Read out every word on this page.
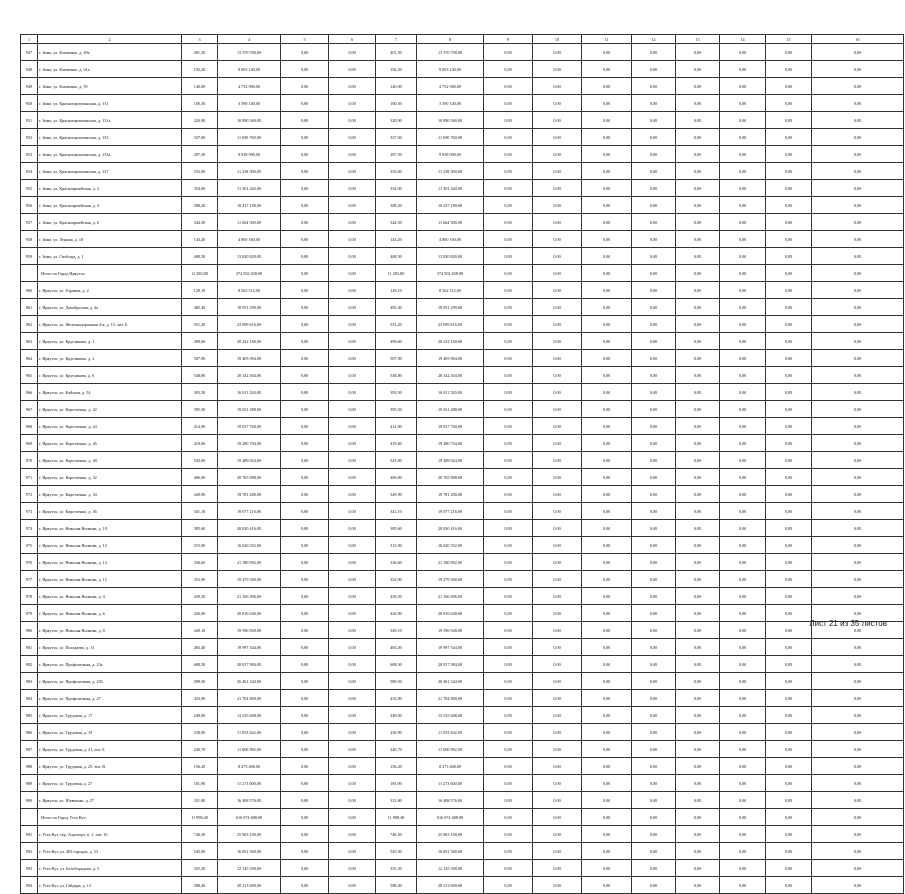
1	2	3	4	5	6	7	8	9	10	11	12	13	14	15	16
947	г. Зима, ул. Клименко, д. 49а	401,50	13 370 700,00	0,00	0,00	401,50	13 370 700,00	0,00	0,00	0,00	0,00	0,00	0,00	0,00	0,00
948	г. Зима, ул. Клименко, д. 61а	192,20	9 603 140,00	0,00	0,00	192,20	9 603 140,00	0,00	0,00	0,00	0,00	0,00	0,00	0,00	0,00
949	г. Зима, ул. Клименко, д. 95	140,00	4 752 900,00	0,00	0,00	140,00	4 752 900,00	0,00	0,00	0,00	0,00	0,00	0,00	0,00	0,00
950	г. Зима, ул. Краснопартизанская, д. 131	100,30	3 590 140,00	0,00	0,00	100,30	3 590 140,00	0,00	0,00	0,00	0,00	0,00	0,00	0,00	0,00
951	г. Зима, ул. Краснопартизанская, д. 131а	320,90	10 890 360,00	0,00	0,00	320,90	10 890 360,00	0,00	0,00	0,00	0,00	0,00	0,00	0,00	0,00
952	г. Зима, ул. Краснопартизанская, д. 133	337,00	11 690 760,00	0,00	0,00	337,00	11 690 760,00	0,00	0,00	0,00	0,00	0,00	0,00	0,00	0,00
953	г. Зима, ул. Краснопартизанская, д. 133а	287,50	9 938 900,00	0,00	0,00	287,50	9 938 900,00	0,00	0,00	0,00	0,00	0,00	0,00	0,00	0,00
954	г. Зима, ул. Краснопартизанская, д. 137	333,00	11 238 300,00	0,00	0,00	333,00	11 238 300,00	0,00	0,00	0,00	0,00	0,00	0,00	0,00	0,00
955	г. Зима, ул. Красноармейская, д. 2	354,00	11 301 240,00	0,00	0,00	354,00	11 301 240,00	0,00	0,00	0,00	0,00	0,00	0,00	0,00	0,00
956	г. Зима, ул. Красноармейская, д. 4	308,20	10 437 180,00	0,00	0,00	308,20	10 437 180,00	0,00	0,00	0,00	0,00	0,00	0,00	0,00	0,00
957	г. Зима, ул. Красноармейская, д. 6	344,50	11 664 500,00	0,00	0,00	344,50	11 664 500,00	0,00	0,00	0,00	0,00	0,00	0,00	0,00	0,00
958	г. Зима, ул. Ленина, д. 18	143,20	4 860 160,00	0,00	0,00	143,20	4 860 160,00	0,00	0,00	0,00	0,00	0,00	0,00	0,00	0,00
959	г. Зима, ул. Свободы, д. 1	408,50	13 820 820,00	0,00	0,00	408,50	13 820 820,00	0,00	0,00	0,00	0,00	0,00	0,00	0,00	0,00
	Итого по Город Иркутск:	11 383,80	374 502 658,00	0,00	0,00	11 383,80	374 502 658,00	0,00	0,00	0,00	0,00	0,00	0,00	0,00	0,00
960	г. Иркутск, ул. Горпина, д. 2	128,10	8 562 512,00	0,00	0,00	128,10	8 562 512,00	0,00	0,00	0,00	0,00	0,00	0,00	0,00	0,00
961	г. Иркутск, ул. Декабрьская, д. 4а	485,40	18 951 299,00	0,00	0,00	485,40	18 951 299,00	0,00	0,00	0,00	0,00	0,00	0,00	0,00	0,00
962	г. Иркутск, ул. Железнодорожная 4-я, д. 15, лит. Б	551,20	23 099 616,00	0,00	0,00	551,20	23 099 616,00	0,00	0,00	0,00	0,00	0,00	0,00	0,00	0,00
963	г. Иркутск, ул. Кругликова, д. 1	499,60	20 232 160,00	0,00	0,00	499,60	20 232 160,00	0,00	0,00	0,00	0,00	0,00	0,00	0,00	0,00
964	г. Иркутск, ул. Кругликова, д. 2	507,90	19 405 904,00	0,00	0,00	507,90	19 405 904,00	0,00	0,00	0,00	0,00	0,00	0,00	0,00	0,00
965	г. Иркутск, ул. Кругликова, д. 6	548,80	20 142 304,00	0,00	0,00	548,80	20 142 304,00	0,00	0,00	0,00	0,00	0,00	0,00	0,00	0,00
966	г. Иркутск, ул. Кайская, д. 54	393,50	16 811 520,00	0,00	0,00	393,50	16 811 520,00	0,00	0,00	0,00	0,00	0,00	0,00	0,00	0,00
967	г. Иркутск, ул. Коротченко, д. 22	395,50	19 021 488,00	0,00	0,00	395,50	19 021 488,00	0,00	0,00	0,00	0,00	0,00	0,00	0,00	0,00
968	г. Иркутск, ул. Коротченко, д. 24	414,90	19 037 760,00	0,00	0,00	414,90	19 037 760,00	0,00	0,00	0,00	0,00	0,00	0,00	0,00	0,00
969	г. Иркутск, ул. Коротченко, д. 26	419,60	19 280 704,00	0,00	0,00	419,60	19 280 704,00	0,00	0,00	0,00	0,00	0,00	0,00	0,00	0,00
970	г. Иркутск, ул. Коротченко, д. 28	543,00	19 289 024,00	0,00	0,00	543,00	19 289 024,00	0,00	0,00	0,00	0,00	0,00	0,00	0,00	0,00
971	г. Иркутск, ул. Коротченко, д. 32	406,90	20 765 888,00	0,00	0,00	406,90	20 765 888,00	0,00	0,00	0,00	0,00	0,00	0,00	0,00	0,00
972	г. Иркутск, ул. Коротченко, д. 34	349,90	19 781 280,00	0,00	0,00	349,90	19 781 280,00	0,00	0,00	0,00	0,00	0,00	0,00	0,00	0,00
973	г. Иркутск, ул. Коротченко, д. 36	341,10	19 077 216,00	0,00	0,00	341,10	19 077 216,00	0,00	0,00	0,00	0,00	0,00	0,00	0,00	0,00
974	г. Иркутск, ул. Николая Вилкова, д. 10	385,60	20 020 416,00	0,00	0,00	385,60	20 020 416,00	0,00	0,00	0,00	0,00	0,00	0,00	0,00	0,00
975	г. Иркутск, ул. Николая Вилкова, д. 12	315,90	16 620 352,00	0,00	0,00	315,90	16 620 352,00	0,00	0,00	0,00	0,00	0,00	0,00	0,00	0,00
976	г. Иркутск, ул. Николая Вилкова, д. 13	336,60	21 180 992,00	0,00	0,00	336,60	21 180 992,00	0,00	0,00	0,00	0,00	0,00	0,00	0,00	0,00
977	г. Иркутск, ул. Николая Вилкова, д. 15	352,90	19 479 360,00	0,00	0,00	352,90	19 479 360,00	0,00	0,00	0,00	0,00	0,00	0,00	0,00	0,00
978	г. Иркутск, ул. Николая Вилкова, д. 4	439,50	21 166 496,00	0,00	0,00	439,50	21 166 496,00	0,00	0,00	0,00	0,00	0,00	0,00	0,00	0,00
979	г. Иркутск, ул. Николая Вилкова, д. 6	426,90	20 816 640,00	0,00	0,00	426,90	20 816 640,00	0,00	0,00	0,00	0,00	0,00	0,00	0,00	0,00
980	г. Иркутск, ул. Николая Вилкова, д. 8	349,10	19 596 928,00	0,00	0,00	349,10	19 596 928,00	0,00	0,00	0,00	0,00	0,00	0,00	0,00	0,00
981	г. Иркутск, ул. Погодаева, д. 13	483,40	19 997 344,00	0,00	0,00	483,40	19 997 344,00	0,00	0,00	0,00	0,00	0,00	0,00	0,00	0,00
982	г. Иркутск, ул. Профсоюзная, д. 23а	608,50	28 817 984,00	0,00	0,00	608,50	28 817 984,00	0,00	0,00	0,00	0,00	0,00	0,00	0,00	0,00
983	г. Иркутск, ул. Профсоюзная, д. 23б	589,50	26 461 344,00	0,00	0,00	589,50	26 461 344,00	0,00	0,00	0,00	0,00	0,00	0,00	0,00	0,00
984	г. Иркутск, ул. Профсоюзная, д. 47	433,90	21 704 800,00	0,00	0,00	433,90	21 704 800,00	0,00	0,00	0,00	0,00	0,00	0,00	0,00	0,00
985	г. Иркутск, ул. Трудовая, д. 17	249,00	13 525 608,00	0,00	0,00	249,00	13 525 608,00	0,00	0,00	0,00	0,00	0,00	0,00	0,00	0,00
986	г. Иркутск, ул. Трудовая, д. 19	230,90	11 053 632,00	0,00	0,00	230,90	11 053 632,00	0,00	0,00	0,00	0,00	0,00	0,00	0,00	0,00
987	г. Иркутск, ул. Трудовая, д. 21, лит. Б	240,70	11 600 992,00	0,00	0,00	240,70	11 600 992,00	0,00	0,00	0,00	0,00	0,00	0,00	0,00	0,00
988	г. Иркутск, ул. Трудовая, д. 25, лит. В	156,20	8 273 408,00	0,00	0,00	156,20	8 273 408,00	0,00	0,00	0,00	0,00	0,00	0,00	0,00	0,00
989	г. Иркутск, ул. Трудовая, д. 27	181,90	11 273 600,00	0,00	0,00	181,90	11 273 600,00	0,00	0,00	0,00	0,00	0,00	0,00	0,00	0,00
990	г. Иркутск, ул. Шевченко, д. 27	331,80	16 408 576,00	0,00	0,00	331,80	16 408 576,00	0,00	0,00	0,00	0,00	0,00	0,00	0,00	0,00
	Итого по Город Усть-Кут:	11 998,40	616 074 688,00	0,00	0,00	11 998,40	616 074 688,00	0,00	0,00	0,00	0,00	0,00	0,00	0,00	0,00
991	г. Усть-Кут, тер. Аэропорт, п. 1, лит. 16	746,50	25 963 100,00	0,00	0,00	746,50	25 963 100,00	0,00	0,00	0,00	0,00	0,00	0,00	0,00	0,00
992	г. Усть-Кут, ул. 403 городок, д. 23	545,00	16 851 560,00	0,00	0,00	545,00	16 851 560,00	0,00	0,00	0,00	0,00	0,00	0,00	0,00	0,00
993	г. Усть-Кут, ул. Белобородова, д. 5	355,30	12 145 300,00	0,00	0,00	355,30	12 145 300,00	0,00	0,00	0,00	0,00	0,00	0,00	0,00	0,00
994	г. Усть-Кут, ул. Гайдара, д. 12	588,40	20 213 600,00	0,00	0,00	588,40	20 213 600,00	0,00	0,00	0,00	0,00	0,00	0,00	0,00	0,00
Лист 21 из 35 листов
